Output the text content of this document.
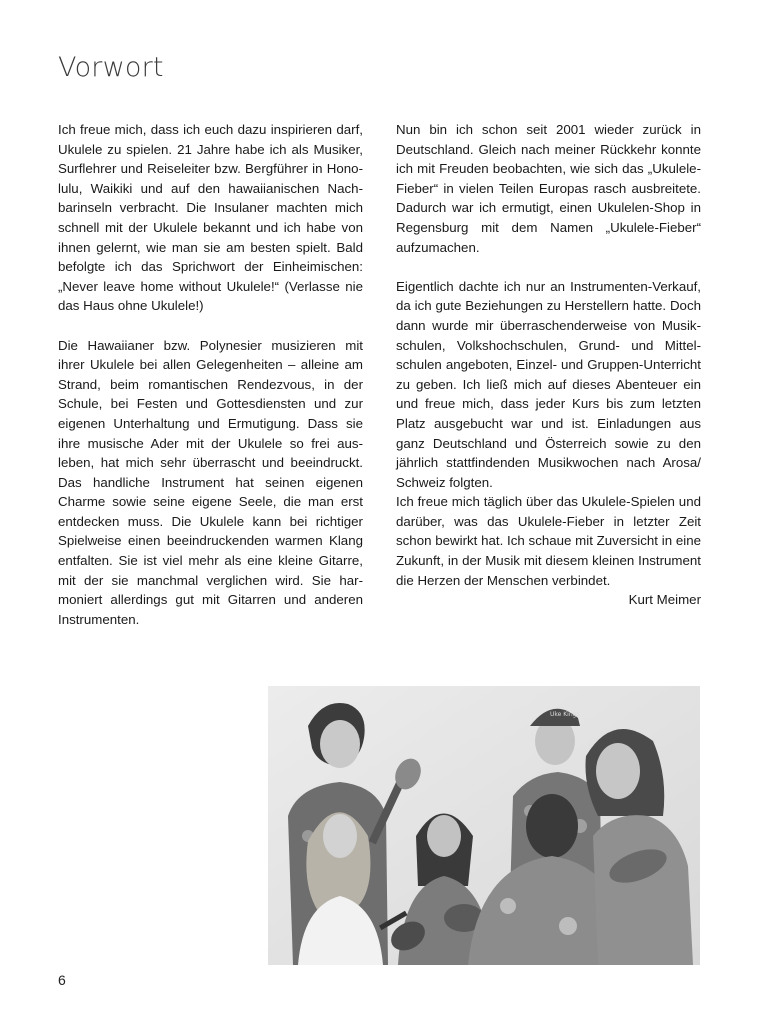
Vorwort

Ich freue mich, dass ich euch dazu inspirieren darf, Ukulele zu spielen. 21 Jahre habe ich als Musiker, Surflehrer und Reiseleiter bzw. Bergführer in Honolulu, Waikiki und auf den hawaiianischen Nachbarinseln verbracht. Die Insulaner machten mich schnell mit der Ukulele bekannt und ich habe von ihnen gelernt, wie man sie am besten spielt. Bald befolgte ich das Sprichwort der Einheimischen: „Never leave home without Ukulele!“ (Verlasse nie das Haus ohne Ukulele!)

Die Hawaiianer bzw. Polynesier musizieren mit ihrer Ukulele bei allen Gelegenheiten – alleine am Strand, beim romantischen Rendezvous, in der Schule, bei Festen und Gottesdiensten und zur eigenen Unterhaltung und Ermutigung. Dass sie ihre musische Ader mit der Ukulele so frei ausleben, hat mich sehr überrascht und beeindruckt. Das handliche Instrument hat seinen eigenen Charme sowie seine eigene Seele, die man erst entdecken muss. Die Ukulele kann bei richtiger Spielweise einen beeindruckenden warmen Klang entfalten. Sie ist viel mehr als eine kleine Gitarre, mit der sie manchmal verglichen wird. Sie harmoniert allerdings gut mit Gitarren und anderen Instrumenten.

Nun bin ich schon seit 2001 wieder zurück in Deutschland. Gleich nach meiner Rückkehr konnte ich mit Freuden beobachten, wie sich das „Ukulele-Fieber“ in vielen Teilen Europas rasch ausbreitete. Dadurch war ich ermutigt, einen Ukulelen-Shop in Regensburg mit dem Namen „Ukulele-Fieber“ aufzumachen.

Eigentlich dachte ich nur an Instrumenten-Verkauf, da ich gute Beziehungen zu Herstellern hatte. Doch dann wurde mir überraschenderweise von Musikschulen, Volkshochschulen, Grund- und Mittelschulen angeboten, Einzel- und Gruppen-Unterricht zu geben. Ich ließ mich auf dieses Abenteuer ein und freue mich, dass jeder Kurs bis zum letzten Platz ausgebucht war und ist. Einladungen aus ganz Deutschland und Österreich sowie zu den jährlich stattfindenden Musikwochen nach Arosa/ Schweiz folgten.

Ich freue mich täglich über das Ukulele-Spielen und darüber, was das Ukulele-Fieber in letzter Zeit schon bewirkt hat. Ich schaue mit Zuversicht in eine Zukunft, in der Musik mit diesem kleinen Instrument die Herzen der Menschen verbindet.

Kurt Meimer

Uke Kings
6
